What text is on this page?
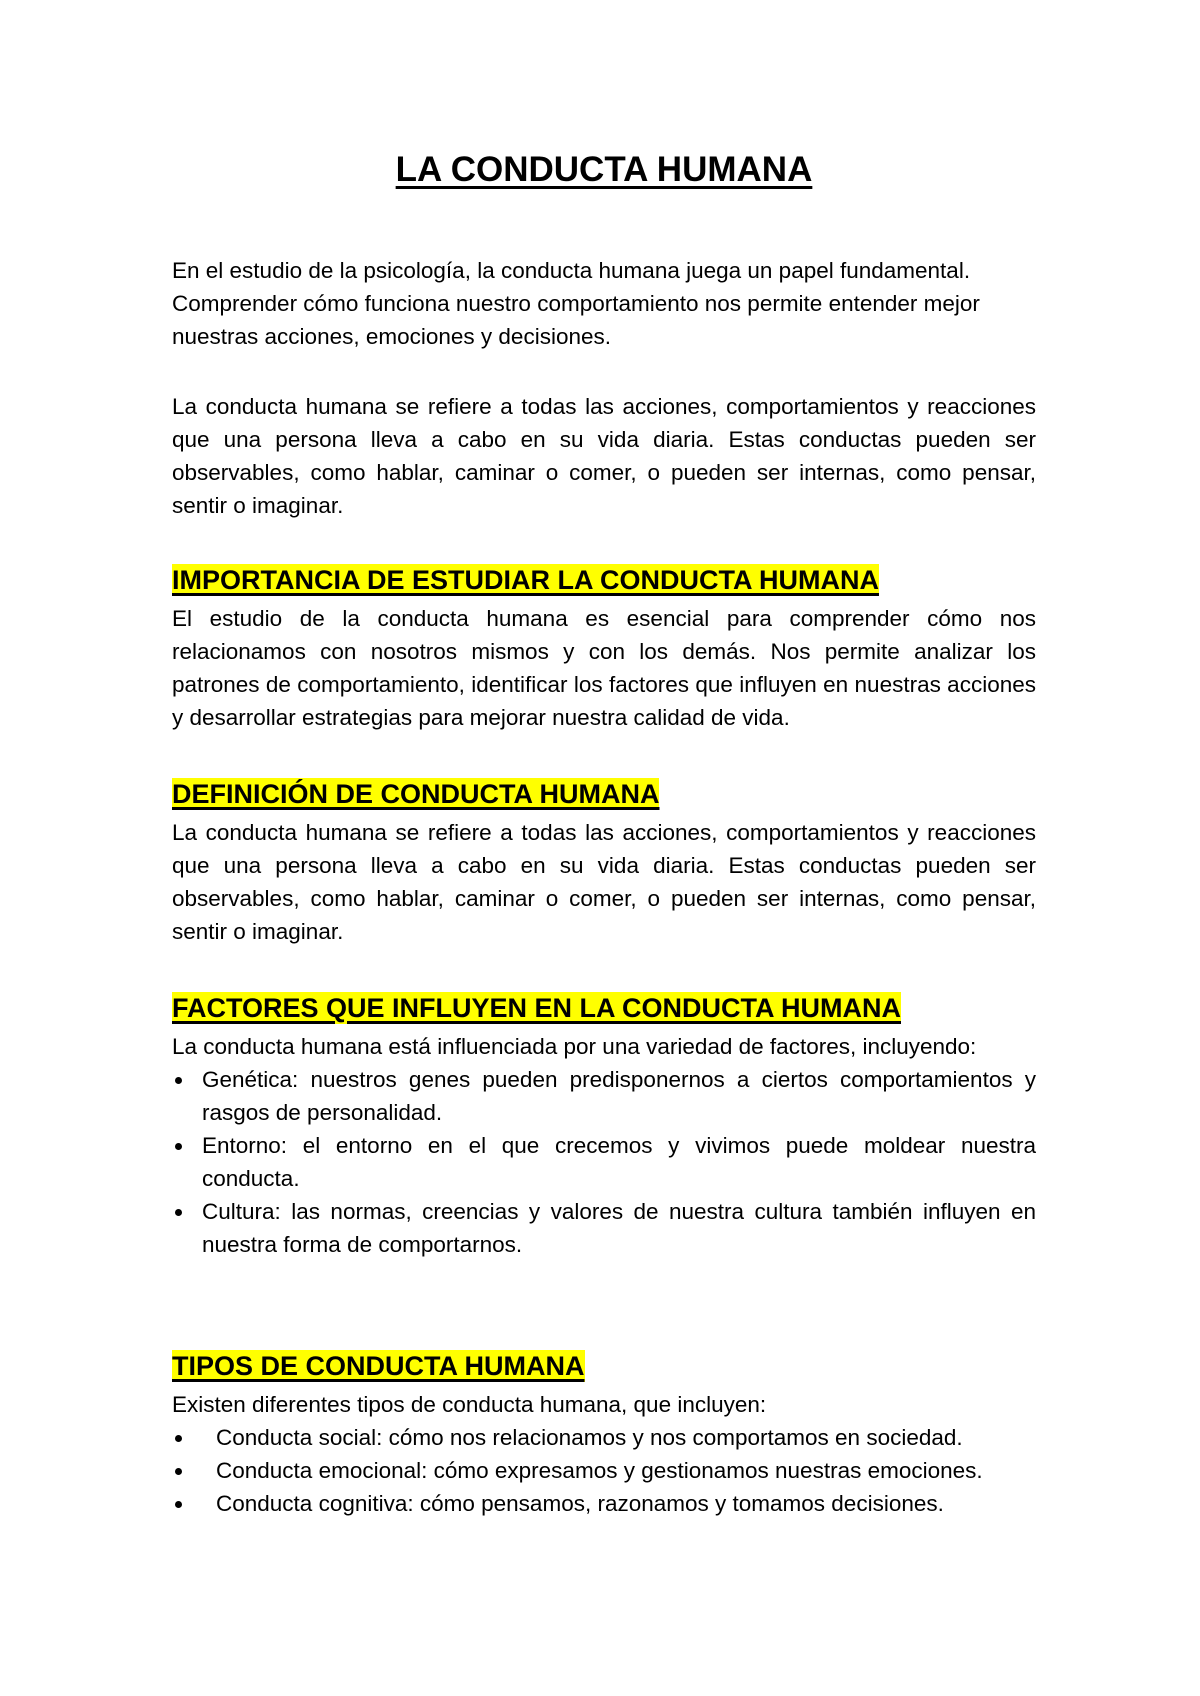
LA CONDUCTA HUMANA

En el estudio de la psicología, la conducta humana juega un papel fundamental. Comprender cómo funciona nuestro comportamiento nos permite entender mejor nuestras acciones, emociones y decisiones.

La conducta humana se refiere a todas las acciones, comportamientos y reacciones que una persona lleva a cabo en su vida diaria. Estas conductas pueden ser observables, como hablar, caminar o comer, o pueden ser internas, como pensar, sentir o imaginar.

IMPORTANCIA DE ESTUDIAR LA CONDUCTA HUMANA

El estudio de la conducta humana es esencial para comprender cómo nos relacionamos con nosotros mismos y con los demás. Nos permite analizar los patrones de comportamiento, identificar los factores que influyen en nuestras acciones y desarrollar estrategias para mejorar nuestra calidad de vida.

DEFINICIÓN DE CONDUCTA HUMANA

La conducta humana se refiere a todas las acciones, comportamientos y reacciones que una persona lleva a cabo en su vida diaria. Estas conductas pueden ser observables, como hablar, caminar o comer, o pueden ser internas, como pensar, sentir o imaginar.

FACTORES QUE INFLUYEN EN LA CONDUCTA HUMANA

La conducta humana está influenciada por una variedad de factores, incluyendo:

Genética: nuestros genes pueden predisponernos a ciertos comportamientos y rasgos de personalidad.
Entorno: el entorno en el que crecemos y vivimos puede moldear nuestra conducta.
Cultura: las normas, creencias y valores de nuestra cultura también influyen en nuestra forma de comportarnos.
TIPOS DE CONDUCTA HUMANA

Existen diferentes tipos de conducta humana, que incluyen:

Conducta social: cómo nos relacionamos y nos comportamos en sociedad.
Conducta emocional: cómo expresamos y gestionamos nuestras emociones.
Conducta cognitiva: cómo pensamos, razonamos y tomamos decisiones.
